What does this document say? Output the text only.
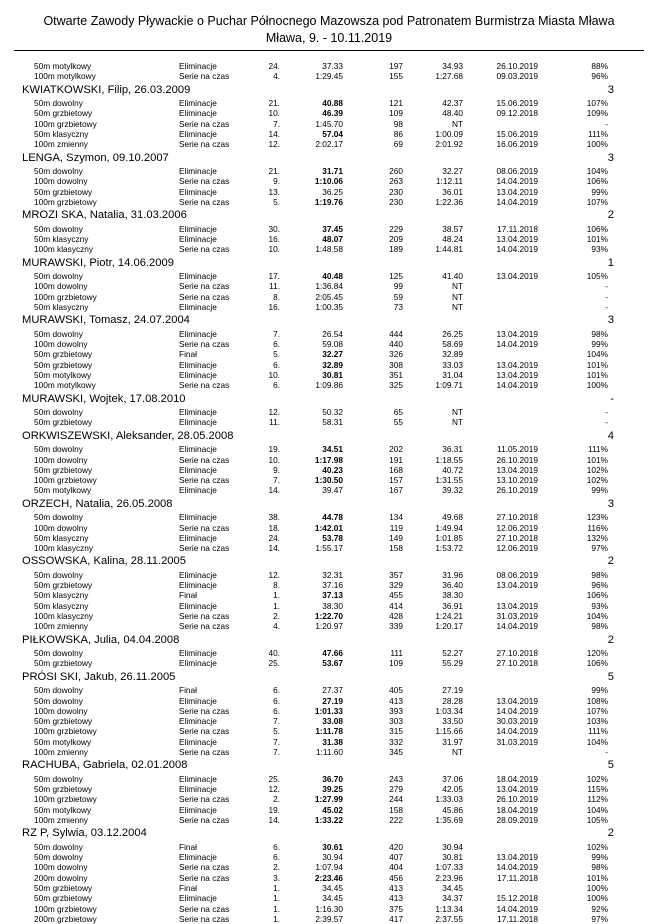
Otwarte Zawody Pływackie o Puchar Północnego Mazowsza pod Patronatem Burmistrza Miasta Mława
Mława, 9. - 10.11.2019
50m motylkowy	Eliminacje	24.	37.33	197	34.93	26.10.2019	88%
100m motylkowy	Serie na czas	4.	1:29.45	155	1:27.68	09.03.2019	96%
KWIATKOWSKI, Filip, 26.03.2009	3
50m dowolny	Eliminacje	21.	40.88	121	42.37	15.06.2019	107%
50m grzbietowy	Eliminacje	10.	46.39	109	48.40	09.12.2018	109%
100m grzbietowy	Serie na czas	7.	1:45.70	98	NT	-
50m klasyczny	Eliminacje	14.	57.04	86	1:00.09	15.06.2019	111%
100m zmienny	Serie na czas	12.	2:02.17	69	2:01.92	16.06.2019	100%
LENGA, Szymon, 09.10.2007	3
50m dowolny	Eliminacje	21.	31.71	260	32.27	08.06.2019	104%
100m dowolny	Serie na czas	9.	1:10.06	263	1:12.11	14.04.2019	106%
50m grzbietowy	Eliminacje	13.	36.25	230	36.01	13.04.2019	99%
100m grzbietowy	Serie na czas	5.	1:19.76	230	1:22.36	14.04.2019	107%
MROZI SKA, Natalia, 31.03.2006	2
50m dowolny	Eliminacje	30.	37.45	229	38.57	17.11.2018	106%
50m klasyczny	Eliminacje	16.	48.07	209	48.24	13.04.2019	101%
100m klasyczny	Serie na czas	10.	1:48.58	189	1:44.81	14.04.2019	93%
MURAWSKI, Piotr, 14.06.2009	1
50m dowolny	Eliminacje	17.	40.48	125	41.40	13.04.2019	105%
100m dowolny	Serie na czas	11.	1:36.84	99	NT	-
100m grzbietowy	Serie na czas	8.	2:05.45	59	NT	-
50m klasyczny	Eliminacje	16.	1:00.35	73	NT	-
MURAWSKI, Tomasz, 24.07.2004	3
50m dowolny	Eliminacje	7.	26.54	444	26.25	13.04.2019	98%
100m dowolny	Serie na czas	6.	59.08	440	58.69	14.04.2019	99%
50m grzbietowy	Finał	5.	32.27	326	32.89	104%
50m grzbietowy	Eliminacje	6.	32.89	308	33.03	13.04.2019	101%
50m motylkowy	Eliminacje	10.	30.81	351	31.04	13.04.2019	101%
100m motylkowy	Serie na czas	6.	1:09.86	325	1:09.71	14.04.2019	100%
MURAWSKI, Wojtek, 17.08.2010	-
50m dowolny	Eliminacje	12.	50.32	65	NT	-
50m grzbietowy	Eliminacje	11.	58.31	55	NT	-
ORKWISZEWSKI, Aleksander, 28.05.2008	4
50m dowolny	Eliminacje	19.	34.51	202	36.31	11.05.2019	111%
100m dowolny	Serie na czas	10.	1:17.98	191	1:18.55	26.10.2019	101%
50m grzbietowy	Eliminacje	9.	40.23	168	40.72	13.04.2019	102%
100m grzbietowy	Serie na czas	7.	1:30.50	157	1:31.55	13.10.2019	102%
50m motylkowy	Eliminacje	14.	39.47	167	39.32	26.10.2019	99%
ORZECH, Natalia, 26.05.2008	3
50m dowolny	Eliminacje	38.	44.78	134	49.68	27.10.2018	123%
100m dowolny	Serie na czas	18.	1:42.01	119	1:49.94	12.06.2019	116%
50m klasyczny	Eliminacje	24.	53.78	149	1:01.85	27.10.2018	132%
100m klasyczny	Serie na czas	14.	1:55.17	158	1:53.72	12.06.2019	97%
OSSOWSKA, Kalina, 28.11.2005	2
50m dowolny	Eliminacje	12.	32.31	357	31.96	08.06.2019	98%
50m grzbietowy	Eliminacje	8.	37.16	329	36.40	13.04.2019	96%
50m klasyczny	Finał	1.	37.13	455	38.30	106%
50m klasyczny	Eliminacje	1.	38.30	414	36.91	13.04.2019	93%
100m klasyczny	Serie na czas	2.	1:22.70	428	1:24.21	31.03.2019	104%
100m zmienny	Serie na czas	4.	1:20.97	339	1:20.17	14.04.2019	98%
PIŁKOWSKA, Julia, 04.04.2008	2
50m dowolny	Eliminacje	40.	47.66	111	52.27	27.10.2018	120%
50m grzbietowy	Eliminacje	25.	53.67	109	55.29	27.10.2018	106%
PRÓSI SKI, Jakub, 26.11.2005	5
50m dowolny	Finał	6.	27.37	405	27.19	99%
50m dowolny	Eliminacje	6.	27.19	413	28.28	13.04.2019	108%
100m dowolny	Serie na czas	6.	1:01.33	393	1:03.34	14.04.2019	107%
50m grzbietowy	Eliminacje	7.	33.08	303	33.50	30.03.2019	103%
100m grzbietowy	Serie na czas	5.	1:11.78	315	1:15.66	14.04.2019	111%
50m motylkowy	Eliminacje	7.	31.38	332	31.97	31.03.2019	104%
100m zmienny	Serie na czas	7.	1:11.60	345	NT	-
RACHUBA, Gabriela, 02.01.2008	5
50m dowolny	Eliminacje	25.	36.70	243	37.06	18.04.2019	102%
50m grzbietowy	Eliminacje	12.	39.25	279	42.05	13.04.2019	115%
100m grzbietowy	Serie na czas	2.	1:27.99	244	1:33.03	26.10.2019	112%
50m motylkowy	Eliminacje	19.	45.02	158	45.86	18.04.2019	104%
100m zmienny	Serie na czas	14.	1:33.22	222	1:35.69	28.09.2019	105%
RZ P, Sylwia, 03.12.2004	2
50m dowolny	Finał	6.	30.61	420	30.94	102%
50m dowolny	Eliminacje	6.	30.94	407	30.81	13.04.2019	99%
100m dowolny	Serie na czas	2.	1:07.94	404	1:07.33	14.04.2019	98%
200m dowolny	Serie na czas	3.	2:23.46	456	2:23.96	17.11.2018	101%
50m grzbietowy	Finał	1.	34.45	413	34.45	100%
50m grzbietowy	Eliminacje	1.	34.45	413	34.37	15.12.2018	100%
100m grzbietowy	Serie na czas	1.	1:16.30	375	1:13.34	14.04.2019	92%
200m grzbietowy	Serie na czas	1.	2:39.57	417	2:37.55	17.11.2018	97%
